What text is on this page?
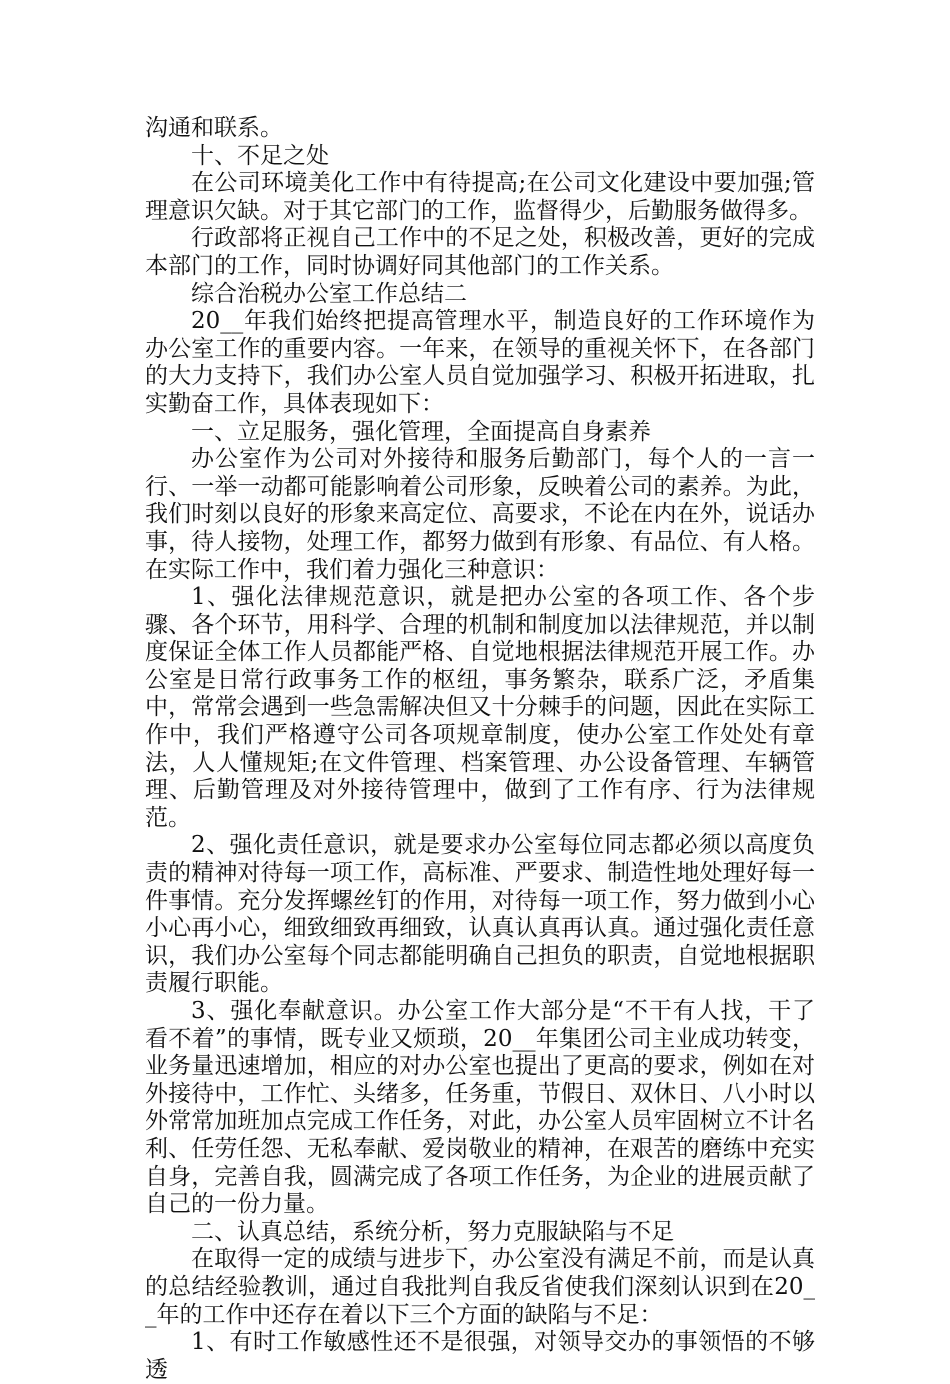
沟通和联系。

十、不足之处

在公司环境美化工作中有待提高;在公司文化建设中要加强;管理意识欠缺。对于其它部门的工作，监督得少，后勤服务做得多。

行政部将正视自己工作中的不足之处，积极改善，更好的完成本部门的工作，同时协调好同其他部门的工作关系。

综合治税办公室工作总结二

20__年我们始终把提高管理水平，制造良好的工作环境作为办公室工作的重要内容。一年来，在领导的重视关怀下，在各部门的大力支持下，我们办公室人员自觉加强学习、积极开拓进取，扎实勤奋工作，具体表现如下：

一、立足服务，强化管理，全面提高自身素养

办公室作为公司对外接待和服务后勤部门，每个人的一言一行、一举一动都可能影响着公司形象，反映着公司的素养。为此，我们时刻以良好的形象来高定位、高要求，不论在内在外，说话办事，待人接物，处理工作，都努力做到有形象、有品位、有人格。在实际工作中，我们着力强化三种意识：

1、强化法律规范意识，就是把办公室的各项工作、各个步骤、各个环节，用科学、合理的机制和制度加以法律规范，并以制度保证全体工作人员都能严格、自觉地根据法律规范开展工作。办公室是日常行政事务工作的枢纽，事务繁杂，联系广泛，矛盾集中，常常会遇到一些急需解决但又十分棘手的问题，因此在实际工作中，我们严格遵守公司各项规章制度，使办公室工作处处有章法，人人懂规矩;在文件管理、档案管理、办公设备管理、车辆管理、后勤管理及对外接待管理中，做到了工作有序、行为法律规范。

2、强化责任意识，就是要求办公室每位同志都必须以高度负责的精神对待每一项工作，高标准、严要求、制造性地处理好每一件事情。充分发挥螺丝钉的作用，对待每一项工作，努力做到小心小心再小心，细致细致再细致，认真认真再认真。通过强化责任意识，我们办公室每个同志都能明确自己担负的职责，自觉地根据职责履行职能。

3、强化奉献意识。办公室工作大部分是“不干有人找，干了看不着”的事情，既专业又烦琐，20__年集团公司主业成功转变，业务量迅速增加，相应的对办公室也提出了更高的要求，例如在对外接待中，工作忙、头绪多，任务重，节假日、双休日、八小时以外常常加班加点完成工作任务，对此，办公室人员牢固树立不计名利、任劳任怨、无私奉献、爱岗敬业的精神，在艰苦的磨练中充实自身，完善自我，圆满完成了各项工作任务，为企业的进展贡献了自己的一份力量。

二、认真总结，系统分析，努力克服缺陷与不足

在取得一定的成绩与进步下，办公室没有满足不前，而是认真的总结经验教训，通过自我批判自我反省使我们深刻认识到在20__年的工作中还存在着以下三个方面的缺陷与不足：

1、有时工作敏感性还不是很强，对领导交办的事领悟的不够透
